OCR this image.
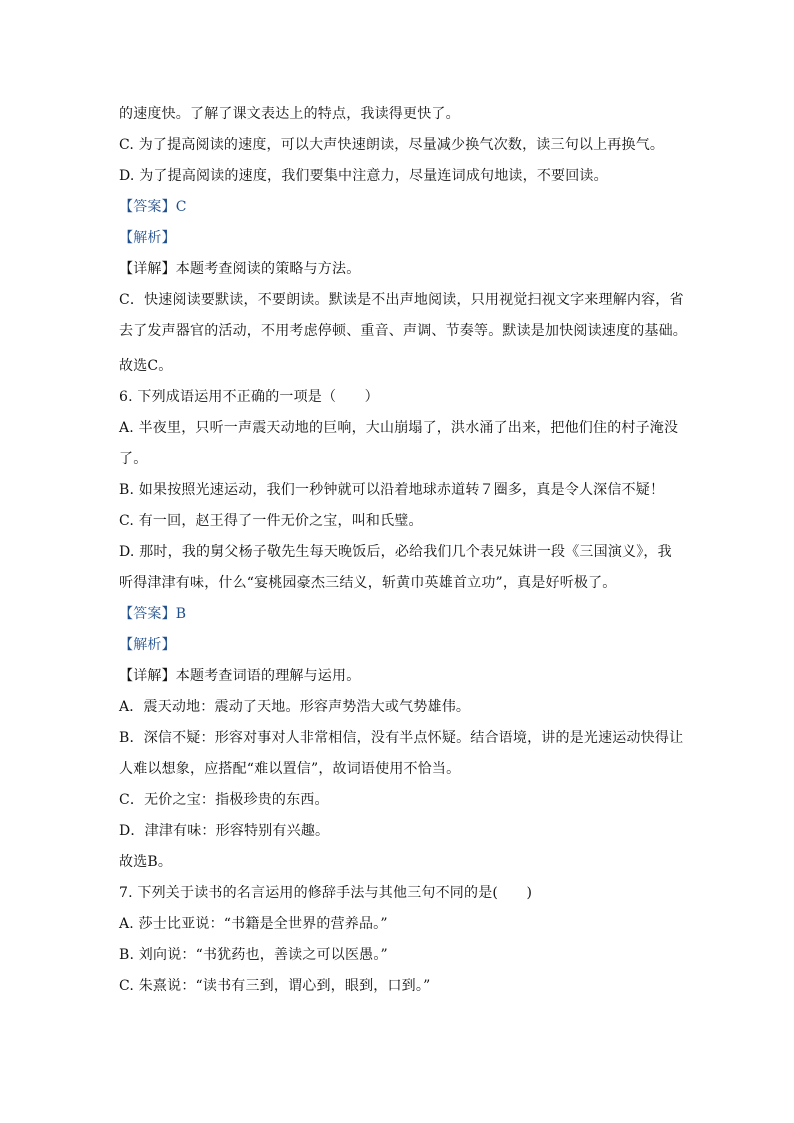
的速度快。了解了课文表达上的特点，我读得更快了。
C. 为了提高阅读的速度，可以大声快速朗读，尽量减少换气次数，读三句以上再换气。
D. 为了提高阅读的速度，我们要集中注意力，尽量连词成句地读，不要回读。
【答案】C
【解析】
【详解】本题考查阅读的策略与方法。
C．快速阅读要默读，不要朗读。默读是不出声地阅读，只用视觉扫视文字来理解内容，省
去了发声器官的活动，不用考虑停顿、重音、声调、节奏等。默读是加快阅读速度的基础。
故选C。
6. 下列成语运用不正确的一项是（　　）
A. 半夜里，只听一声震天动地的巨响，大山崩塌了，洪水涌了出来，把他们住的村子淹没
了。
B. 如果按照光速运动，我们一秒钟就可以沿着地球赤道转７圈多，真是令人深信不疑！
C. 有一回，赵王得了一件无价之宝，叫和氏璧。
D. 那时，我的舅父杨子敬先生每天晚饭后，必给我们几个表兄妹讲一段《三国演义》，我
听得津津有味，什么“宴桃园豪杰三结义，斩黄巾英雄首立功”，真是好听极了。
【答案】B
【解析】
【详解】本题考查词语的理解与运用。
A．震天动地：震动了天地。形容声势浩大或气势雄伟。
B．深信不疑：形容对事对人非常相信，没有半点怀疑。结合语境，讲的是光速运动快得让
人难以想象，应搭配“难以置信”，故词语使用不恰当。
C．无价之宝：指极珍贵的东西。
D．津津有味：形容特别有兴趣。
故选B。
7. 下列关于读书的名言运用的修辞手法与其他三句不同的是(　　)
A. 莎士比亚说：“书籍是全世界的营养品。”
B. 刘向说：“书犹药也，善读之可以医愚。”
C. 朱熹说：“读书有三到，谓心到，眼到，口到。”
